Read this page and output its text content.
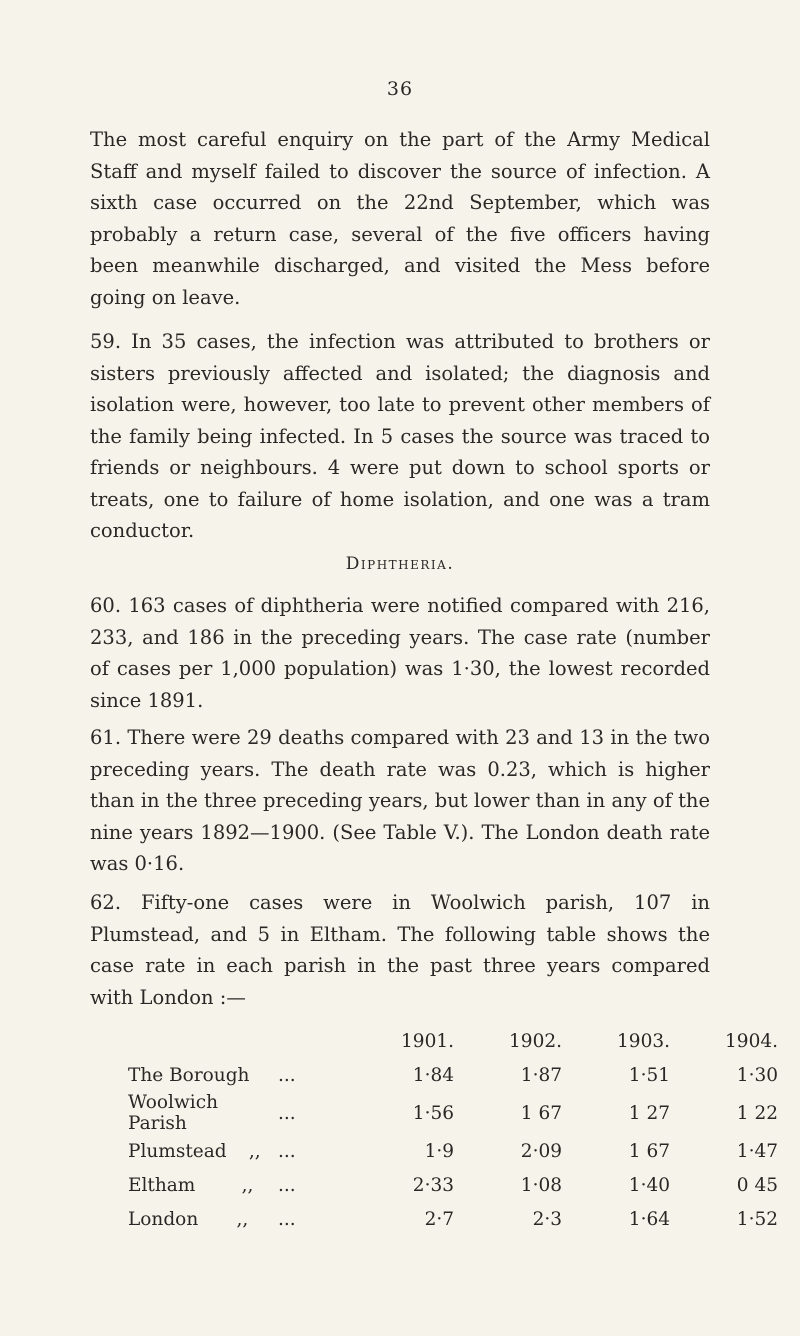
36

The most careful enquiry on the part of the Army Medical Staff and myself failed to discover the source of infection. A sixth case occurred on the 22nd September, which was probably a return case, several of the five officers having been meanwhile discharged, and visited the Mess before going on leave.

59. In 35 cases, the infection was attributed to brothers or sisters previously affected and isolated; the diagnosis and isolation were, however, too late to prevent other members of the family being infected. In 5 cases the source was traced to friends or neighbours. 4 were put down to school sports or treats, one to failure of home isolation, and one was a tram conductor.

Diphtheria.

60. 163 cases of diphtheria were notified compared with 216, 233, and 186 in the preceding years. The case rate (number of cases per 1,000 population) was 1·30, the lowest recorded since 1891.

61. There were 29 deaths compared with 23 and 13 in the two preceding years. The death rate was 0.23, which is higher than in the three preceding years, but lower than in any of the nine years 1892—1900. (See Table V.). The London death rate was 0·16.

62. Fifty-one cases were in Woolwich parish, 107 in Plumstead, and 5 in Eltham. The following table shows the case rate in each parish in the past three years compared with London :—

		1901.	1902.	1903.	1904.
The Borough	...	1·84	1·87	1·51	1·30
Woolwich Parish	...	1·56	1 67	1 27	1 22
Plumstead ,,	...	1·9	2·09	1 67	1·47
Eltham ,,	...	2·33	1·08	1·40	0 45
London ,,	...	2·7	2·3	1·64	1·52
